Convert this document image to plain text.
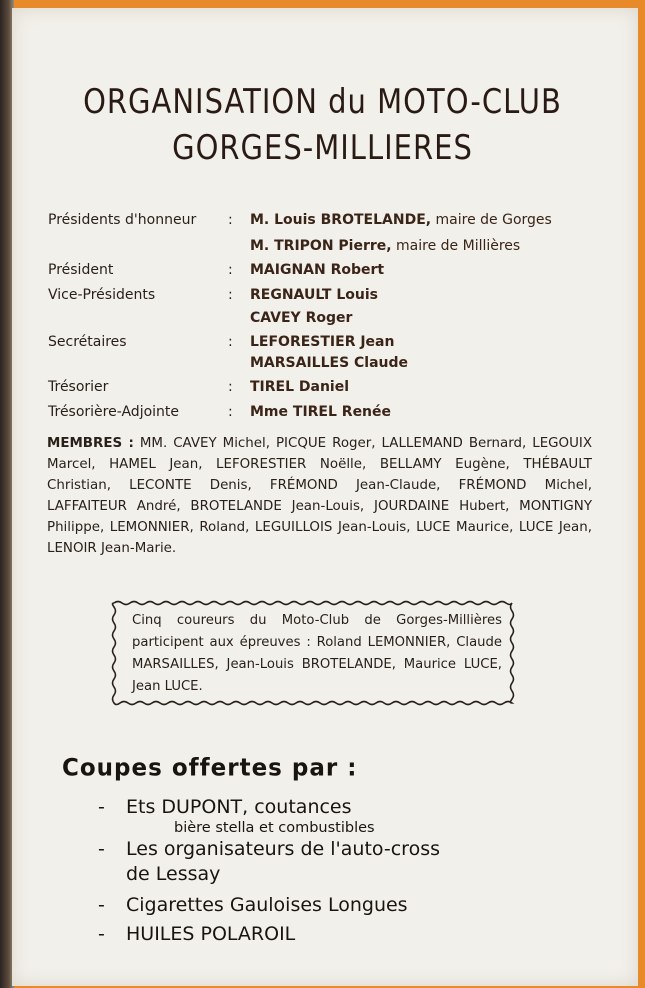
ORGANISATION du MOTO-CLUB
GORGES-MILLIERES
Présidents d'honneur : M. Louis BROTELANDE, maire de Gorges
M. TRIPON Pierre, maire de Millières
Président	: MAIGNAN Robert
Vice-Présidents	: REGNAULT Louis
CAVEY Roger
Secrétaires	: LEFORESTIER Jean
MARSAILLES Claude
Trésorier	: TIREL Daniel
Trésorière-Adjointe	: Mme TIREL Renée
MEMBRES : MM. CAVEY Michel, PICQUE Roger, LALLEMAND Bernard, LEGOUIX Marcel, HAMEL Jean, LEFORESTIER Noëlle, BELLAMY Eugène, THÉBAULT Christian, LECONTE Denis, FRÉMOND Jean-Claude, FRÉMOND Michel, LAFFAITEUR André, BROTELANDE Jean-Louis, JOURDAINE Hubert, MONTIGNY Philippe, LEMONNIER, Roland, LEGUILLOIS Jean-Louis, LUCE Maurice, LUCE Jean, LENOIR Jean-Marie.
Cinq coureurs du Moto-Club de Gorges-Millières participent aux épreuves : Roland LEMONNIER, Claude MARSAILLES, Jean-Louis BROTELANDE, Maurice LUCE, Jean LUCE.
Coupes offertes par :
- Ets DUPONT, coutances
bière stella et combustibles
- Les organisateurs de l'auto-cross
de Lessay
- Cigarettes Gauloises Longues
- HUILES POLAROIL
